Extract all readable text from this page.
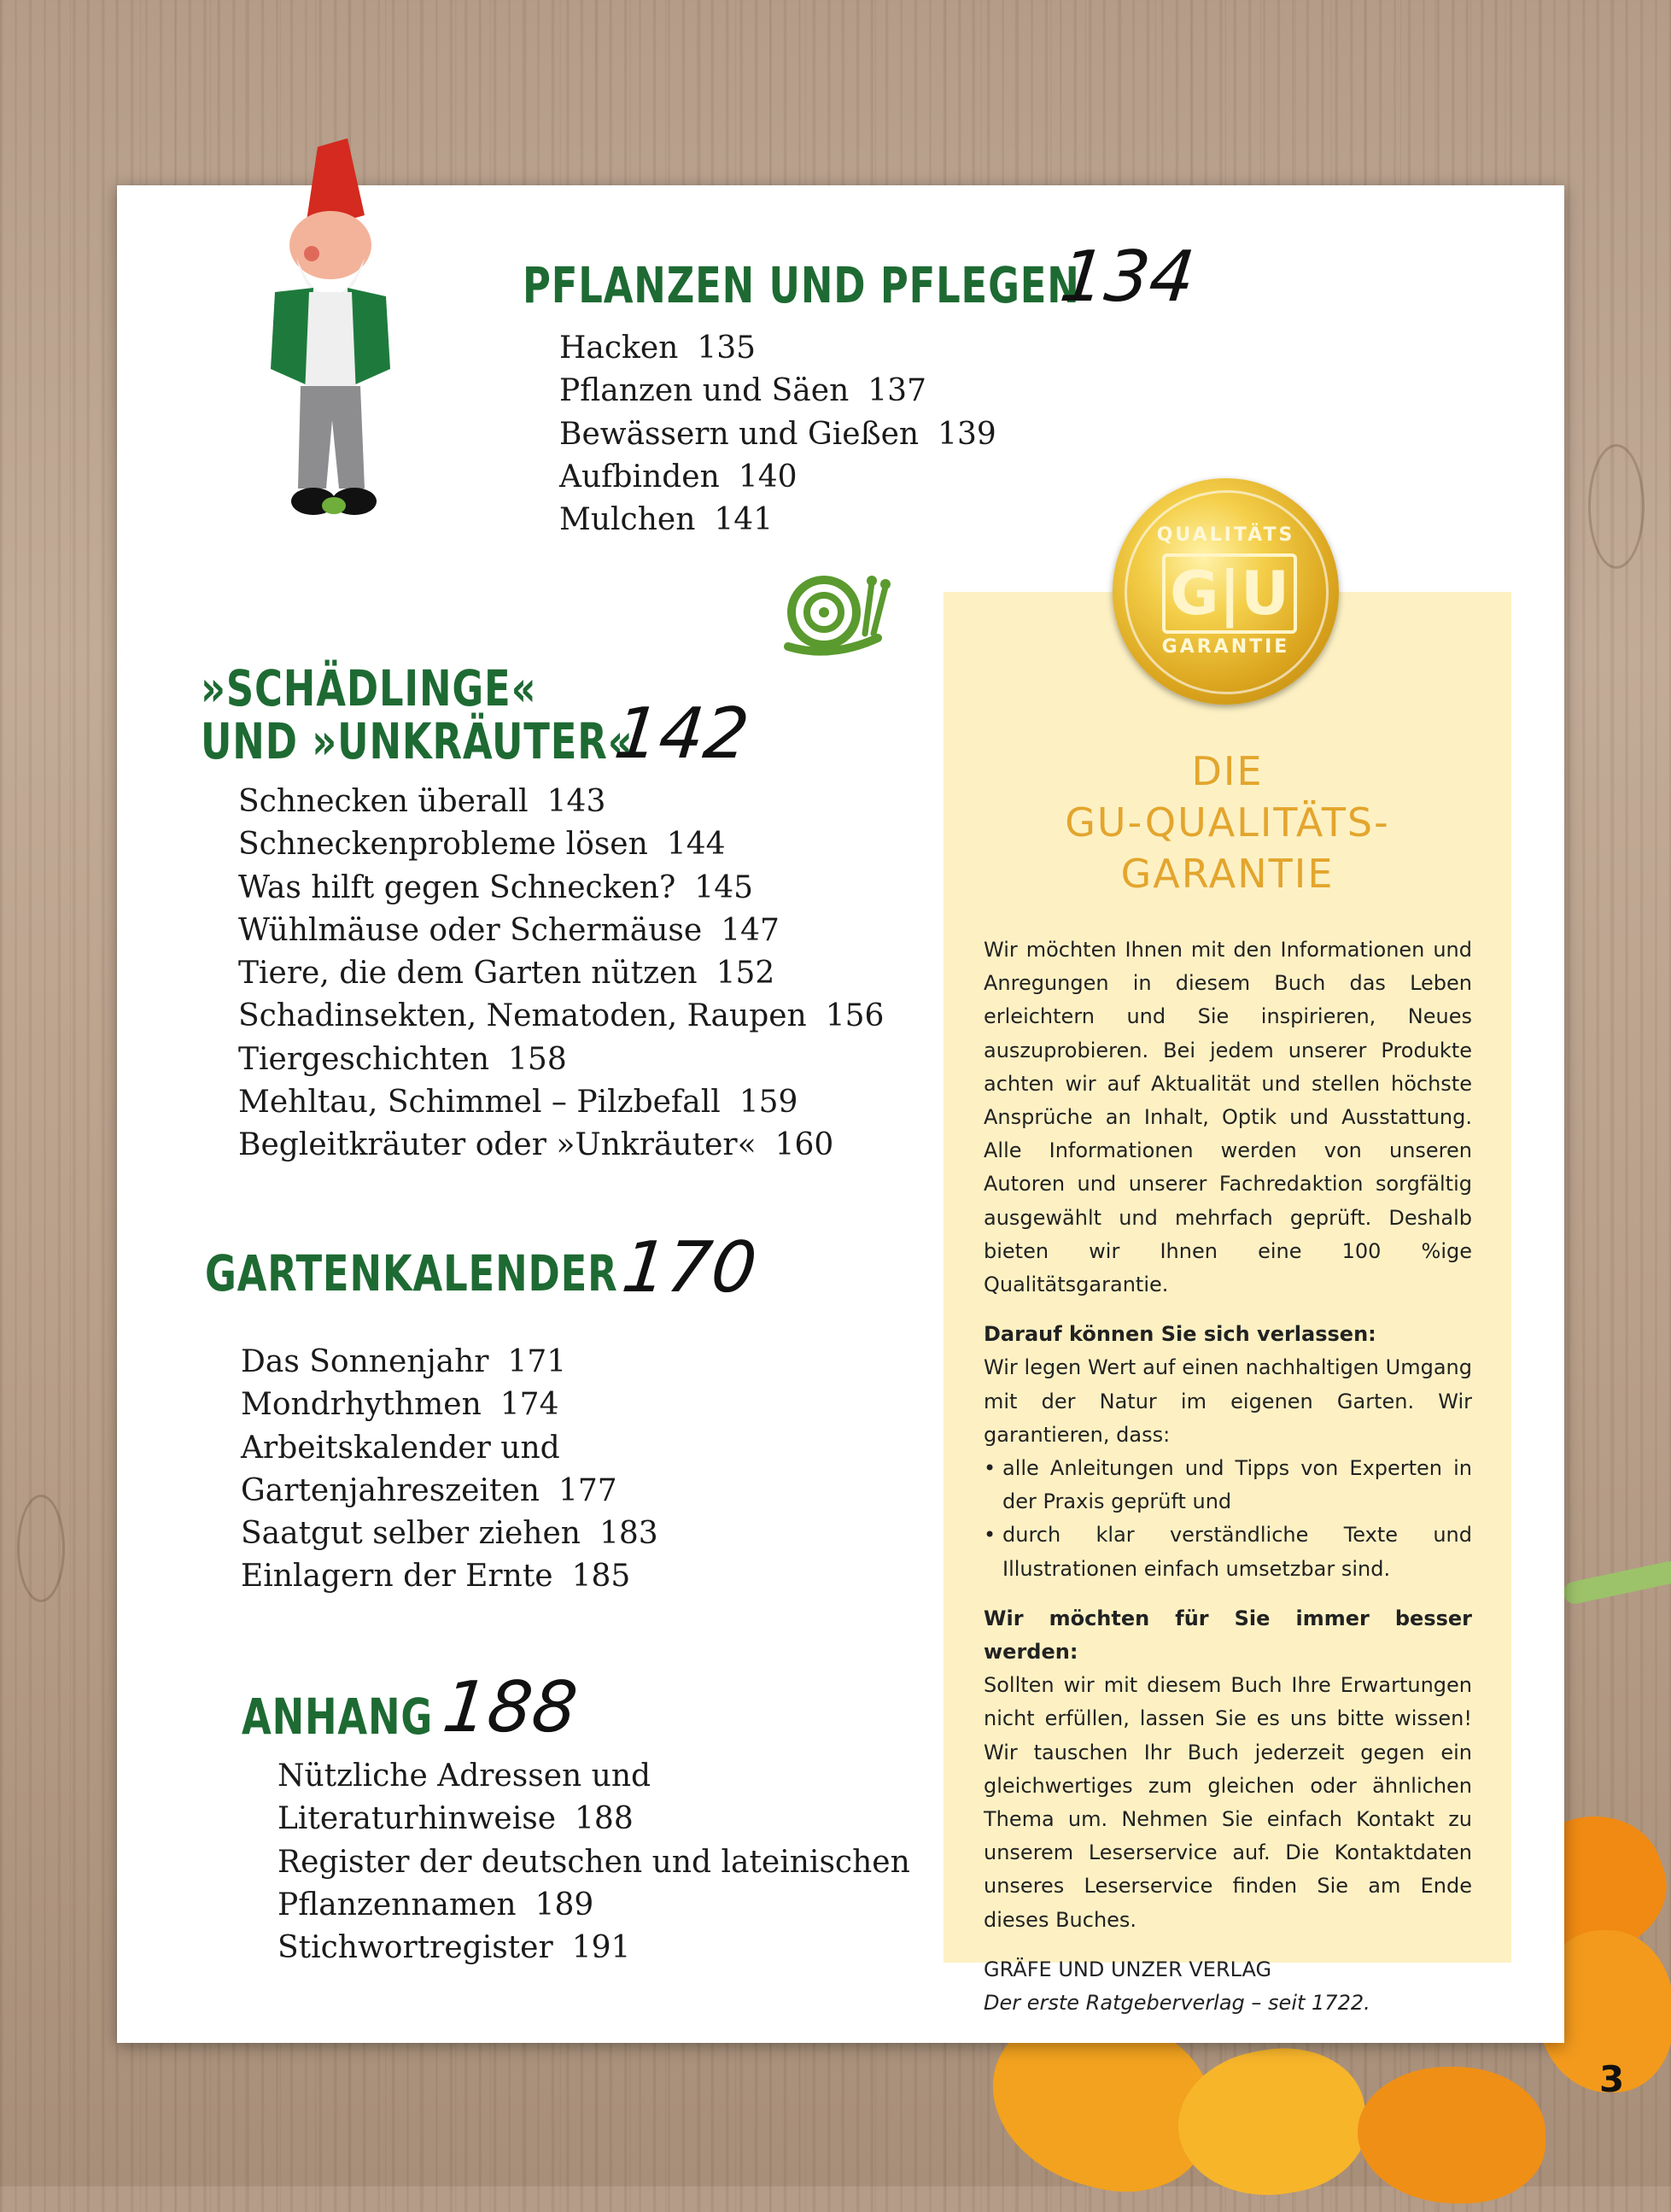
PFLANZEN UND PFLEGEN
134
Hacken 135
Pflanzen und Säen 137
Bewässern und Gießen 139
Aufbinden 140
Mulchen 141
»SCHÄDLINGE«
UND »UNKRÄUTER«
142
Schnecken überall 143
Schneckenprobleme lösen 144
Was hilft gegen Schnecken? 145
Wühlmäuse oder Schermäuse 147
Tiere, die dem Garten nützen 152
Schadinsekten, Nematoden, Raupen 156
Tiergeschichten 158
Mehltau, Schimmel – Pilzbefall 159
Begleitkräuter oder »Unkräuter« 160
GARTENKALENDER 170
Das Sonnenjahr 171
Mondrhythmen 174
Arbeitskalender und
Gartenjahreszeiten 177
Saatgut selber ziehen 183
Einlagern der Ernte 185
ANHANG 188
Nützliche Adressen und
Literaturhinweise 188
Register der deutschen und lateinischen
Pflanzennamen 189
Stichwortregister 191
DIE
GU-QUALITÄTS-
GARANTIE

Wir möchten Ihnen mit den Informationen und Anregungen in diesem Buch das Leben erleichtern und Sie inspirieren, Neues auszuprobieren. Bei jedem unserer Produkte achten wir auf Aktualität und stellen höchste Ansprüche an Inhalt, Optik und Ausstattung. Alle Informationen werden von unseren Autoren und unserer Fachredaktion sorgfältig ausgewählt und mehrfach geprüft. Deshalb bieten wir Ihnen eine 100 %ige Qualitätsgarantie.

Darauf können Sie sich verlassen:
Wir legen Wert auf einen nachhaltigen Umgang mit der Natur im eigenen Garten. Wir garantieren, dass:

• alle Anleitungen und Tipps von Experten in der Praxis geprüft und
• durch klar verständliche Texte und Illustrationen einfach umsetzbar sind.

Wir möchten für Sie immer besser werden:
Sollten wir mit diesem Buch Ihre Erwartungen nicht erfüllen, lassen Sie es uns bitte wissen! Wir tauschen Ihr Buch jederzeit gegen ein gleichwertiges zum gleichen oder ähnlichen Thema um. Nehmen Sie einfach Kontakt zu unserem Leserservice auf. Die Kontaktdaten unseres Leserservice finden Sie am Ende dieses Buches.

GRÄFE UND UNZER VERLAG
Der erste Ratgeberverlag – seit 1722.

QUALITÄTS
G|U
GARANTIE
3
